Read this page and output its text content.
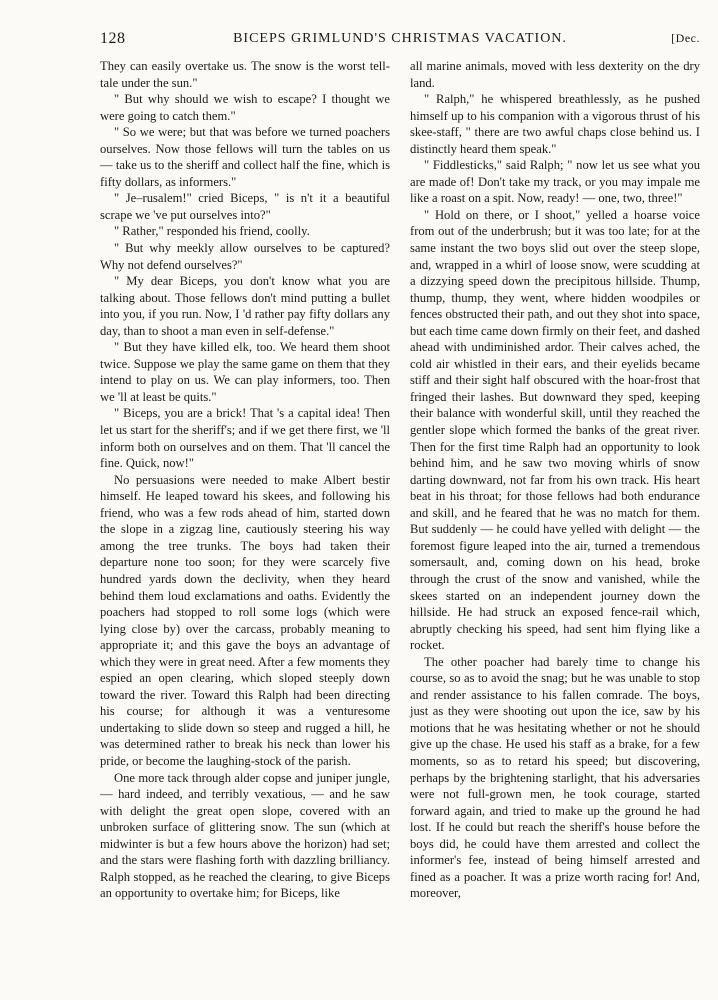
128	BICEPS GRIMLUND'S CHRISTMAS VACATION.	[Dec.

They can easily overtake us. The snow is the worst tell-tale under the sun."

" But why should we wish to escape? I thought we were going to catch them."

" So we were; but that was before we turned poachers ourselves. Now those fellows will turn the tables on us — take us to the sheriff and collect half the fine, which is fifty dollars, as informers."

" Je–rusalem!" cried Biceps, " is n't it a beautiful scrape we 've put ourselves into?"

" Rather," responded his friend, coolly.

" But why meekly allow ourselves to be captured? Why not defend ourselves?"

" My dear Biceps, you don't know what you are talking about. Those fellows don't mind putting a bullet into you, if you run. Now, I 'd rather pay fifty dollars any day, than to shoot a man even in self-defense."

" But they have killed elk, too. We heard them shoot twice. Suppose we play the same game on them that they intend to play on us. We can play informers, too. Then we 'll at least be quits."

" Biceps, you are a brick! That 's a capital idea! Then let us start for the sheriff's; and if we get there first, we 'll inform both on ourselves and on them. That 'll cancel the fine. Quick, now!"

No persuasions were needed to make Albert bestir himself. He leaped toward his skees, and following his friend, who was a few rods ahead of him, started down the slope in a zigzag line, cautiously steering his way among the tree trunks. The boys had taken their departure none too soon; for they were scarcely five hundred yards down the declivity, when they heard behind them loud exclamations and oaths. Evidently the poachers had stopped to roll some logs (which were lying close by) over the carcass, probably meaning to appropriate it; and this gave the boys an advantage of which they were in great need. After a few moments they espied an open clearing, which sloped steeply down toward the river. Toward this Ralph had been directing his course; for although it was a venturesome undertaking to slide down so steep and rugged a hill, he was determined rather to break his neck than lower his pride, or become the laughing-stock of the parish.

One more tack through alder copse and juniper jungle, — hard indeed, and terribly vexatious, — and he saw with delight the great open slope, covered with an unbroken surface of glittering snow. The sun (which at midwinter is but a few hours above the horizon) had set; and the stars were flashing forth with dazzling brilliancy. Ralph stopped, as he reached the clearing, to give Biceps an opportunity to overtake him; for Biceps, like

all marine animals, moved with less dexterity on the dry land.

" Ralph," he whispered breathlessly, as he pushed himself up to his companion with a vigorous thrust of his skee-staff, " there are two awful chaps close behind us. I distinctly heard them speak."

" Fiddlesticks," said Ralph; " now let us see what you are made of! Don't take my track, or you may impale me like a roast on a spit. Now, ready! — one, two, three!"

" Hold on there, or I shoot," yelled a hoarse voice from out of the underbrush; but it was too late; for at the same instant the two boys slid out over the steep slope, and, wrapped in a whirl of loose snow, were scudding at a dizzying speed down the precipitous hillside. Thump, thump, thump, they went, where hidden woodpiles or fences obstructed their path, and out they shot into space, but each time came down firmly on their feet, and dashed ahead with undiminished ardor. Their calves ached, the cold air whistled in their ears, and their eyelids became stiff and their sight half obscured with the hoar-frost that fringed their lashes. But downward they sped, keeping their balance with wonderful skill, until they reached the gentler slope which formed the banks of the great river. Then for the first time Ralph had an opportunity to look behind him, and he saw two moving whirls of snow darting downward, not far from his own track. His heart beat in his throat; for those fellows had both endurance and skill, and he feared that he was no match for them. But suddenly — he could have yelled with delight — the foremost figure leaped into the air, turned a tremendous somersault, and, coming down on his head, broke through the crust of the snow and vanished, while the skees started on an independent journey down the hillside. He had struck an exposed fence-rail which, abruptly checking his speed, had sent him flying like a rocket.

The other poacher had barely time to change his course, so as to avoid the snag; but he was unable to stop and render assistance to his fallen comrade. The boys, just as they were shooting out upon the ice, saw by his motions that he was hesitating whether or not he should give up the chase. He used his staff as a brake, for a few moments, so as to retard his speed; but discovering, perhaps by the brightening starlight, that his adversaries were not full-grown men, he took courage, started forward again, and tried to make up the ground he had lost. If he could but reach the sheriff's house before the boys did, he could have them arrested and collect the informer's fee, instead of being himself arrested and fined as a poacher. It was a prize worth racing for! And, moreover,
